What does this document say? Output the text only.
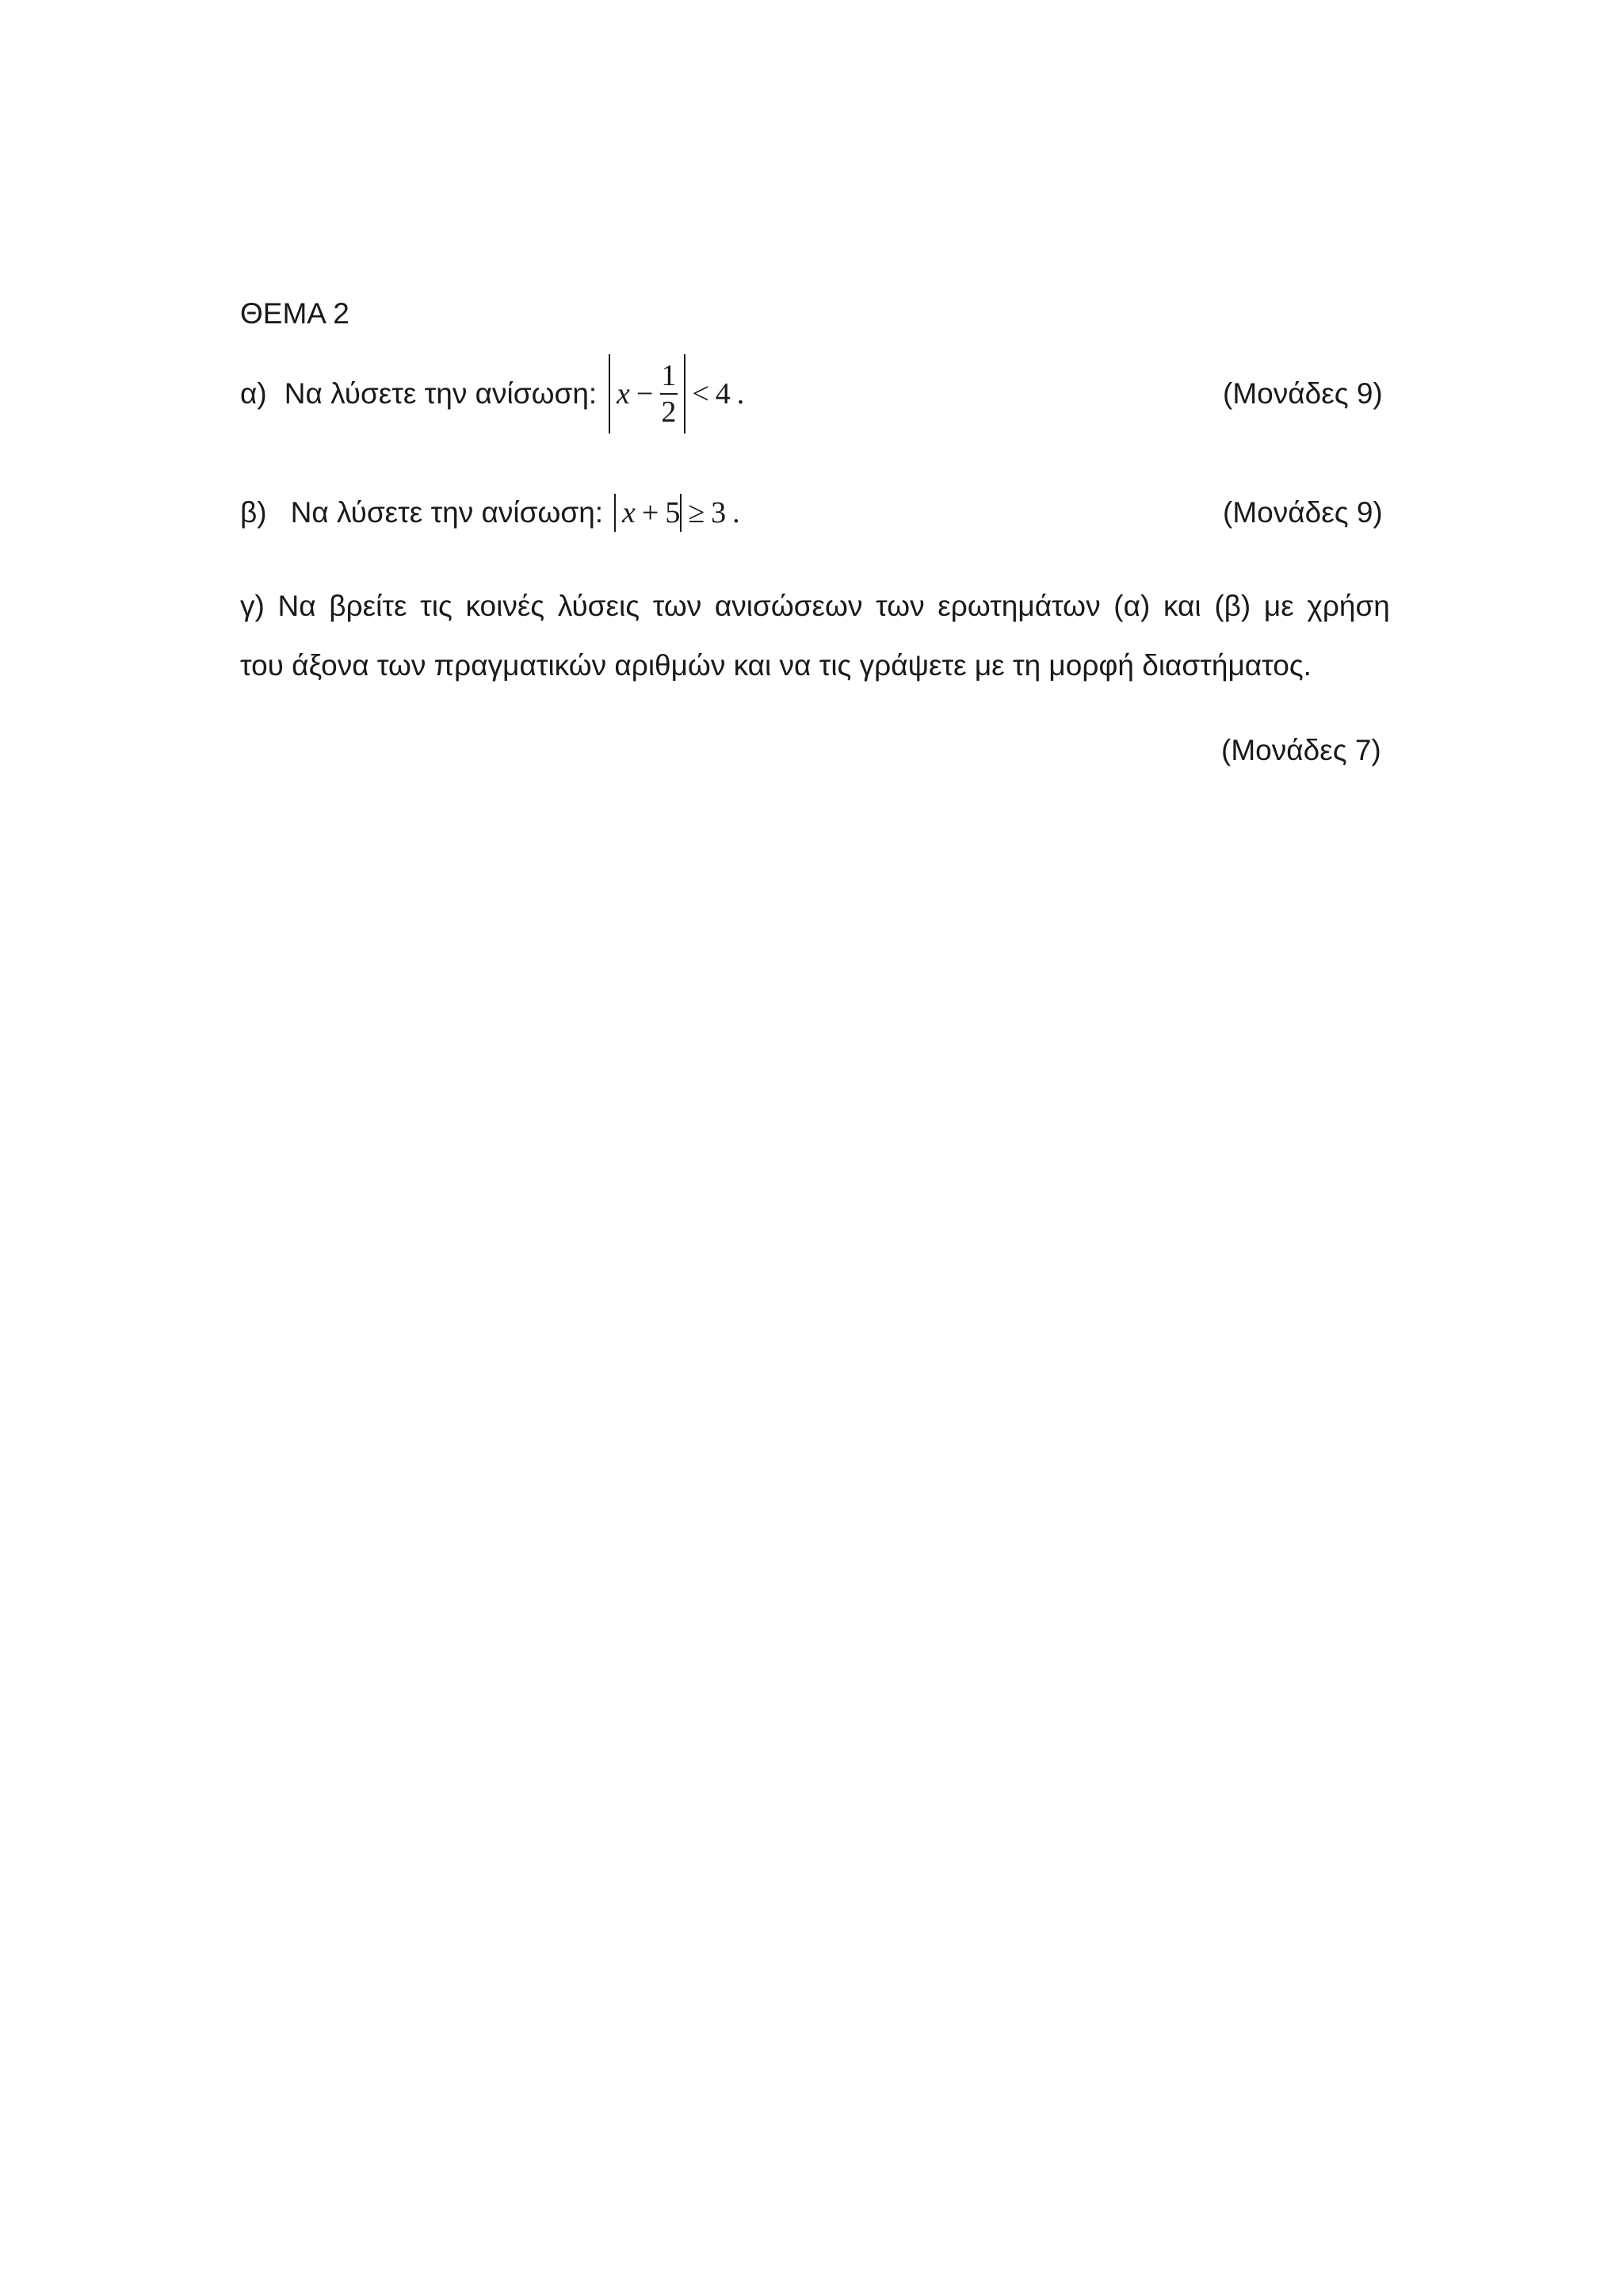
ΘΕΜΑ 2
α) Να λύσετε την ανίσωση: $x - \frac{1}{2} < 4$ .	(Μονάδες 9)
β) Να λύσετε την ανίσωση: x + 5 ≥ 3 .	(Μονάδες 9)
γ) Να βρείτε τις κοινές λύσεις των ανισώσεων των ερωτημάτων (α) και (β) με χρήση
του άξονα των πραγματικών αριθμών και να τις γράψετε με τη μορφή διαστήματος.
(Μονάδες 7)
